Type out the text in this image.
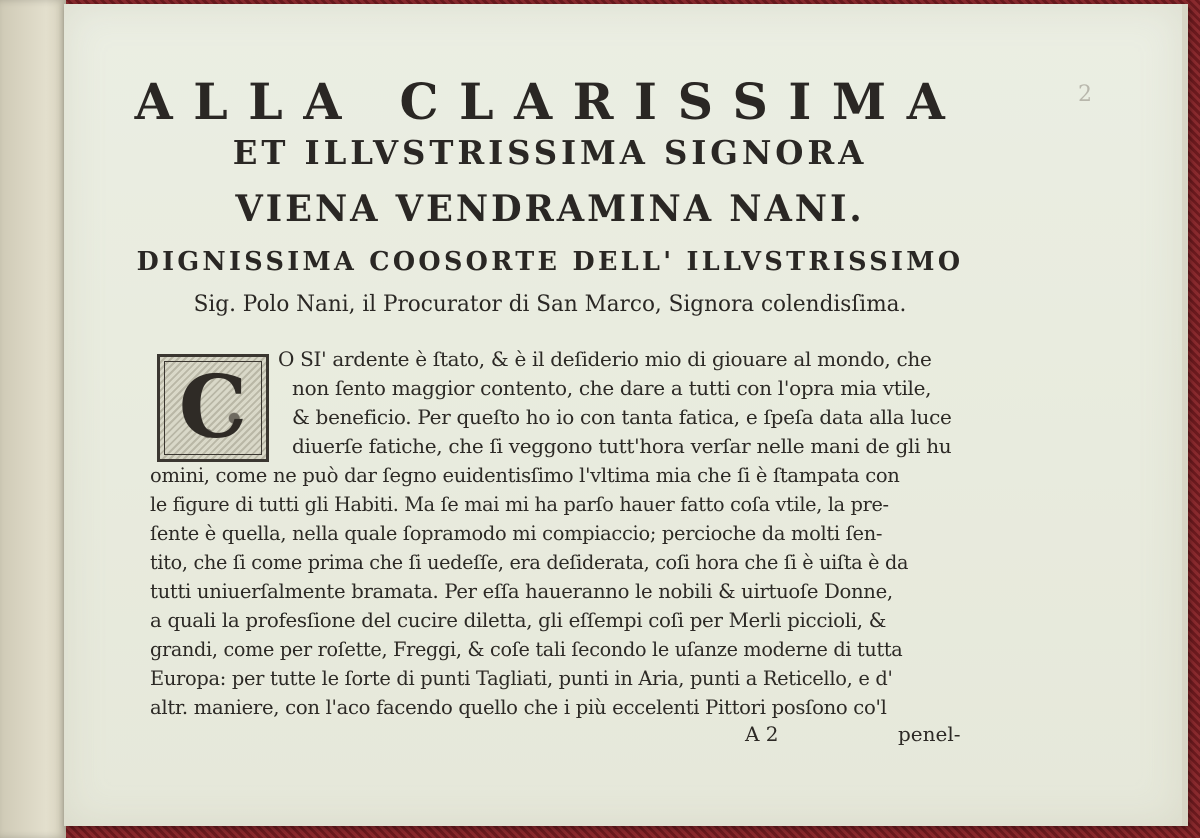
2
ALLA CLARISSIMA
ET ILLVSTRISSIMA SIGNORA
VIENA VENDRAMINA NANI.
DIGNISSIMA COOSORTE DELL' ILLVSTRISSIMO
Sig. Polo Nani, il Procurator di San Marco, Signora colendisſima.
C	O SI' ardente è ſtato, & è il deſiderio mio di giouare al mondo, che
non ſento maggior contento, che dare a tutti con l'opra mia vtile,
& beneficio. Per queſto ho io con tanta fatica, e ſpeſa data alla luce
diuerſe fatiche, che ſi veggono tutt'hora verſar nelle mani de gli hu
omini, come ne può dar ſegno euidentisſimo l'vltima mia che ſi è ſtampata con
le figure di tutti gli Habiti. Ma ſe mai mi ha parſo hauer fatto coſa vtile, la pre-
ſente è quella, nella quale ſopramodo mi compiaccio; percioche da molti ſen-
tito, che ſi come prima che ſi uedeſſe, era deſiderata, coſi hora che ſi è uiſta è da
tutti uniuerſalmente bramata. Per eſſa haueranno le nobili & uirtuoſe Donne,
a quali la profesſione del cucire diletta, gli eſſempi coſi per Merli piccioli, &
grandi, come per roſette, Freggi, & coſe tali ſecondo le uſanze moderne di tutta
Europa: per tutte le ſorte di punti Tagliati, punti in Aria, punti a Reticello, e d'
altr. maniere, con l'aco facendo quello che i più eccelenti Pittori posſono co'l
A 2	penel-
